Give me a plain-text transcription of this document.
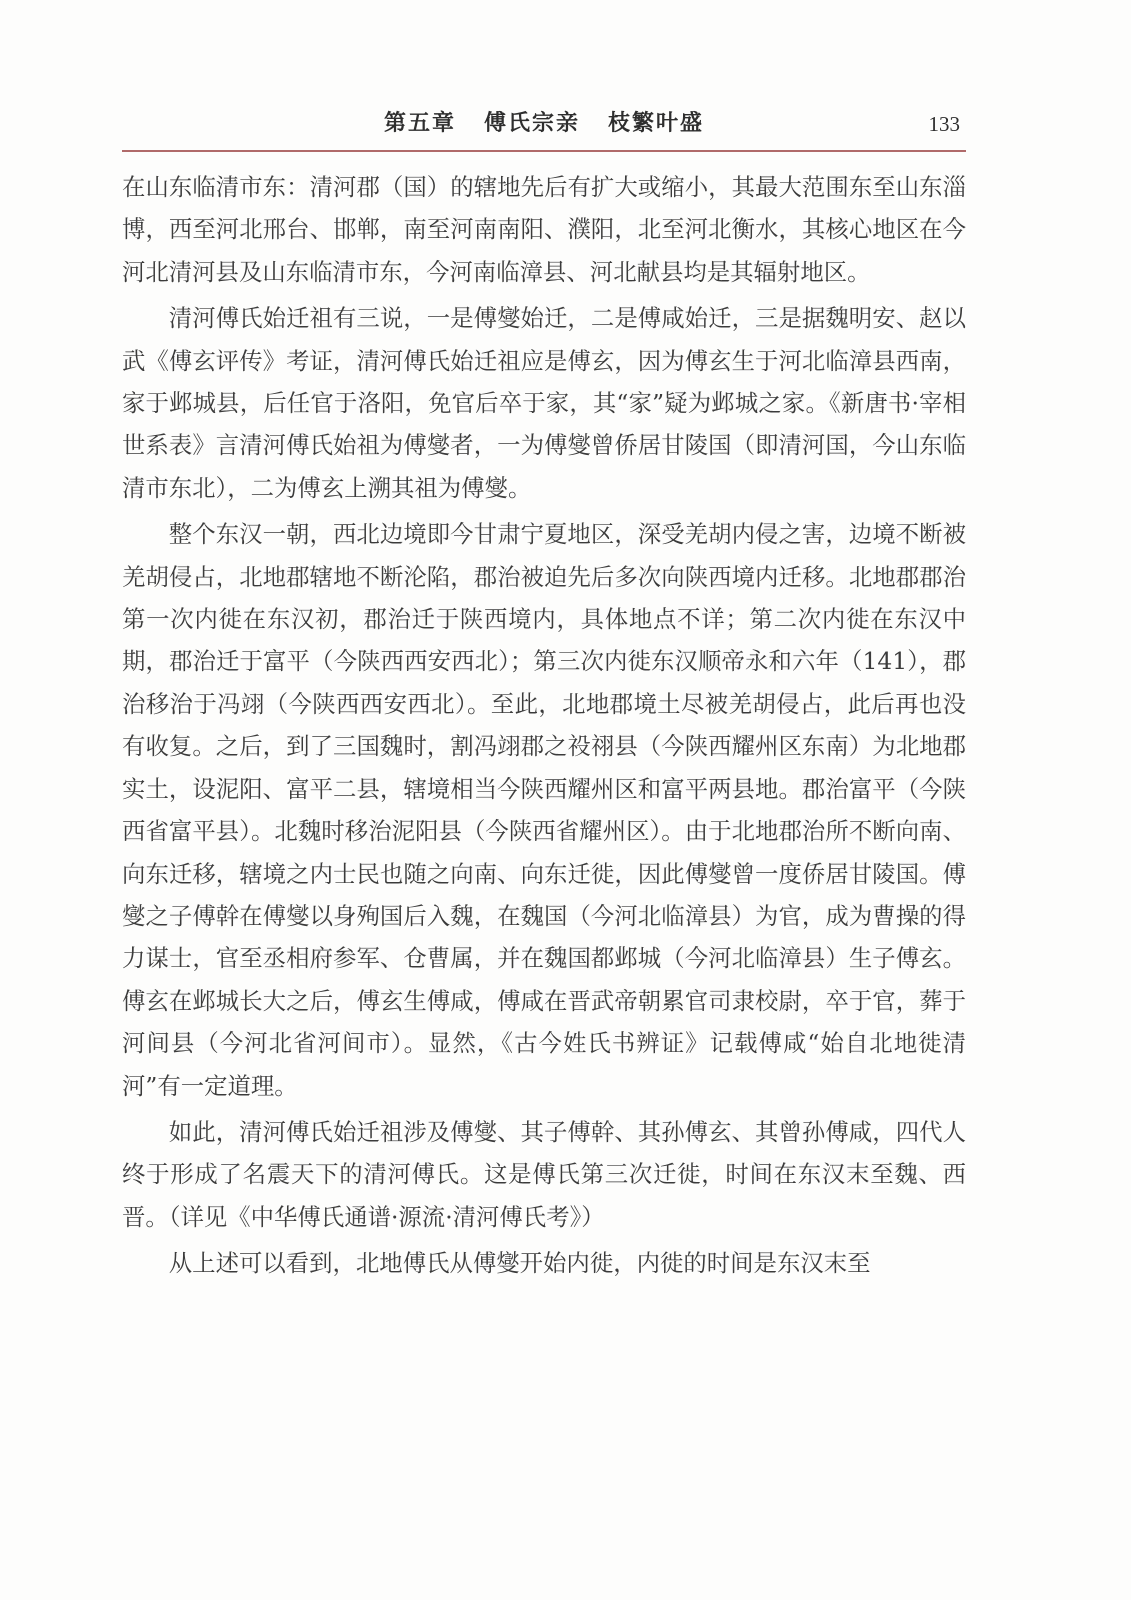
第五章 傅氏宗亲 枝繁叶盛	133

在山东临清市东：清河郡（国）的辖地先后有扩大或缩小，其最大范围东至山东淄博，西至河北邢台、邯郸，南至河南南阳、濮阳，北至河北衡水，其核心地区在今河北清河县及山东临清市东，今河南临漳县、河北献县均是其辐射地区。

清河傅氏始迁祖有三说，一是傅燮始迁，二是傅咸始迁，三是据魏明安、赵以武《傅玄评传》考证，清河傅氏始迁祖应是傅玄，因为傅玄生于河北临漳县西南，家于邺城县，后任官于洛阳，免官后卒于家，其“家”疑为邺城之家。《新唐书·宰相世系表》言清河傅氏始祖为傅燮者，一为傅燮曾侨居甘陵国（即清河国，今山东临清市东北），二为傅玄上溯其祖为傅燮。

整个东汉一朝，西北边境即今甘肃宁夏地区，深受羌胡内侵之害，边境不断被羌胡侵占，北地郡辖地不断沦陷，郡治被迫先后多次向陕西境内迁移。北地郡郡治第一次内徙在东汉初，郡治迁于陕西境内，具体地点不详；第二次内徙在东汉中期，郡治迁于富平（今陕西西安西北）；第三次内徙东汉顺帝永和六年（141），郡治移治于冯翊（今陕西西安西北）。至此，北地郡境土尽被羌胡侵占，此后再也没有收复。之后，到了三国魏时，割冯翊郡之祋祤县（今陕西耀州区东南）为北地郡实土，设泥阳、富平二县，辖境相当今陕西耀州区和富平两县地。郡治富平（今陕西省富平县）。北魏时移治泥阳县（今陕西省耀州区）。由于北地郡治所不断向南、向东迁移，辖境之内士民也随之向南、向东迁徙，因此傅燮曾一度侨居甘陵国。傅燮之子傅幹在傅燮以身殉国后入魏，在魏国（今河北临漳县）为官，成为曹操的得力谋士，官至丞相府参军、仓曹属，并在魏国都邺城（今河北临漳县）生子傅玄。傅玄在邺城长大之后，傅玄生傅咸，傅咸在晋武帝朝累官司隶校尉，卒于官，葬于河间县（今河北省河间市）。显然，《古今姓氏书辨证》记载傅咸“始自北地徙清河”有一定道理。

如此，清河傅氏始迁祖涉及傅燮、其子傅幹、其孙傅玄、其曾孙傅咸，四代人终于形成了名震天下的清河傅氏。这是傅氏第三次迁徙，时间在东汉末至魏、西晋。（详见《中华傅氏通谱·源流·清河傅氏考》）

从上述可以看到，北地傅氏从傅燮开始内徙，内徙的时间是东汉末至
